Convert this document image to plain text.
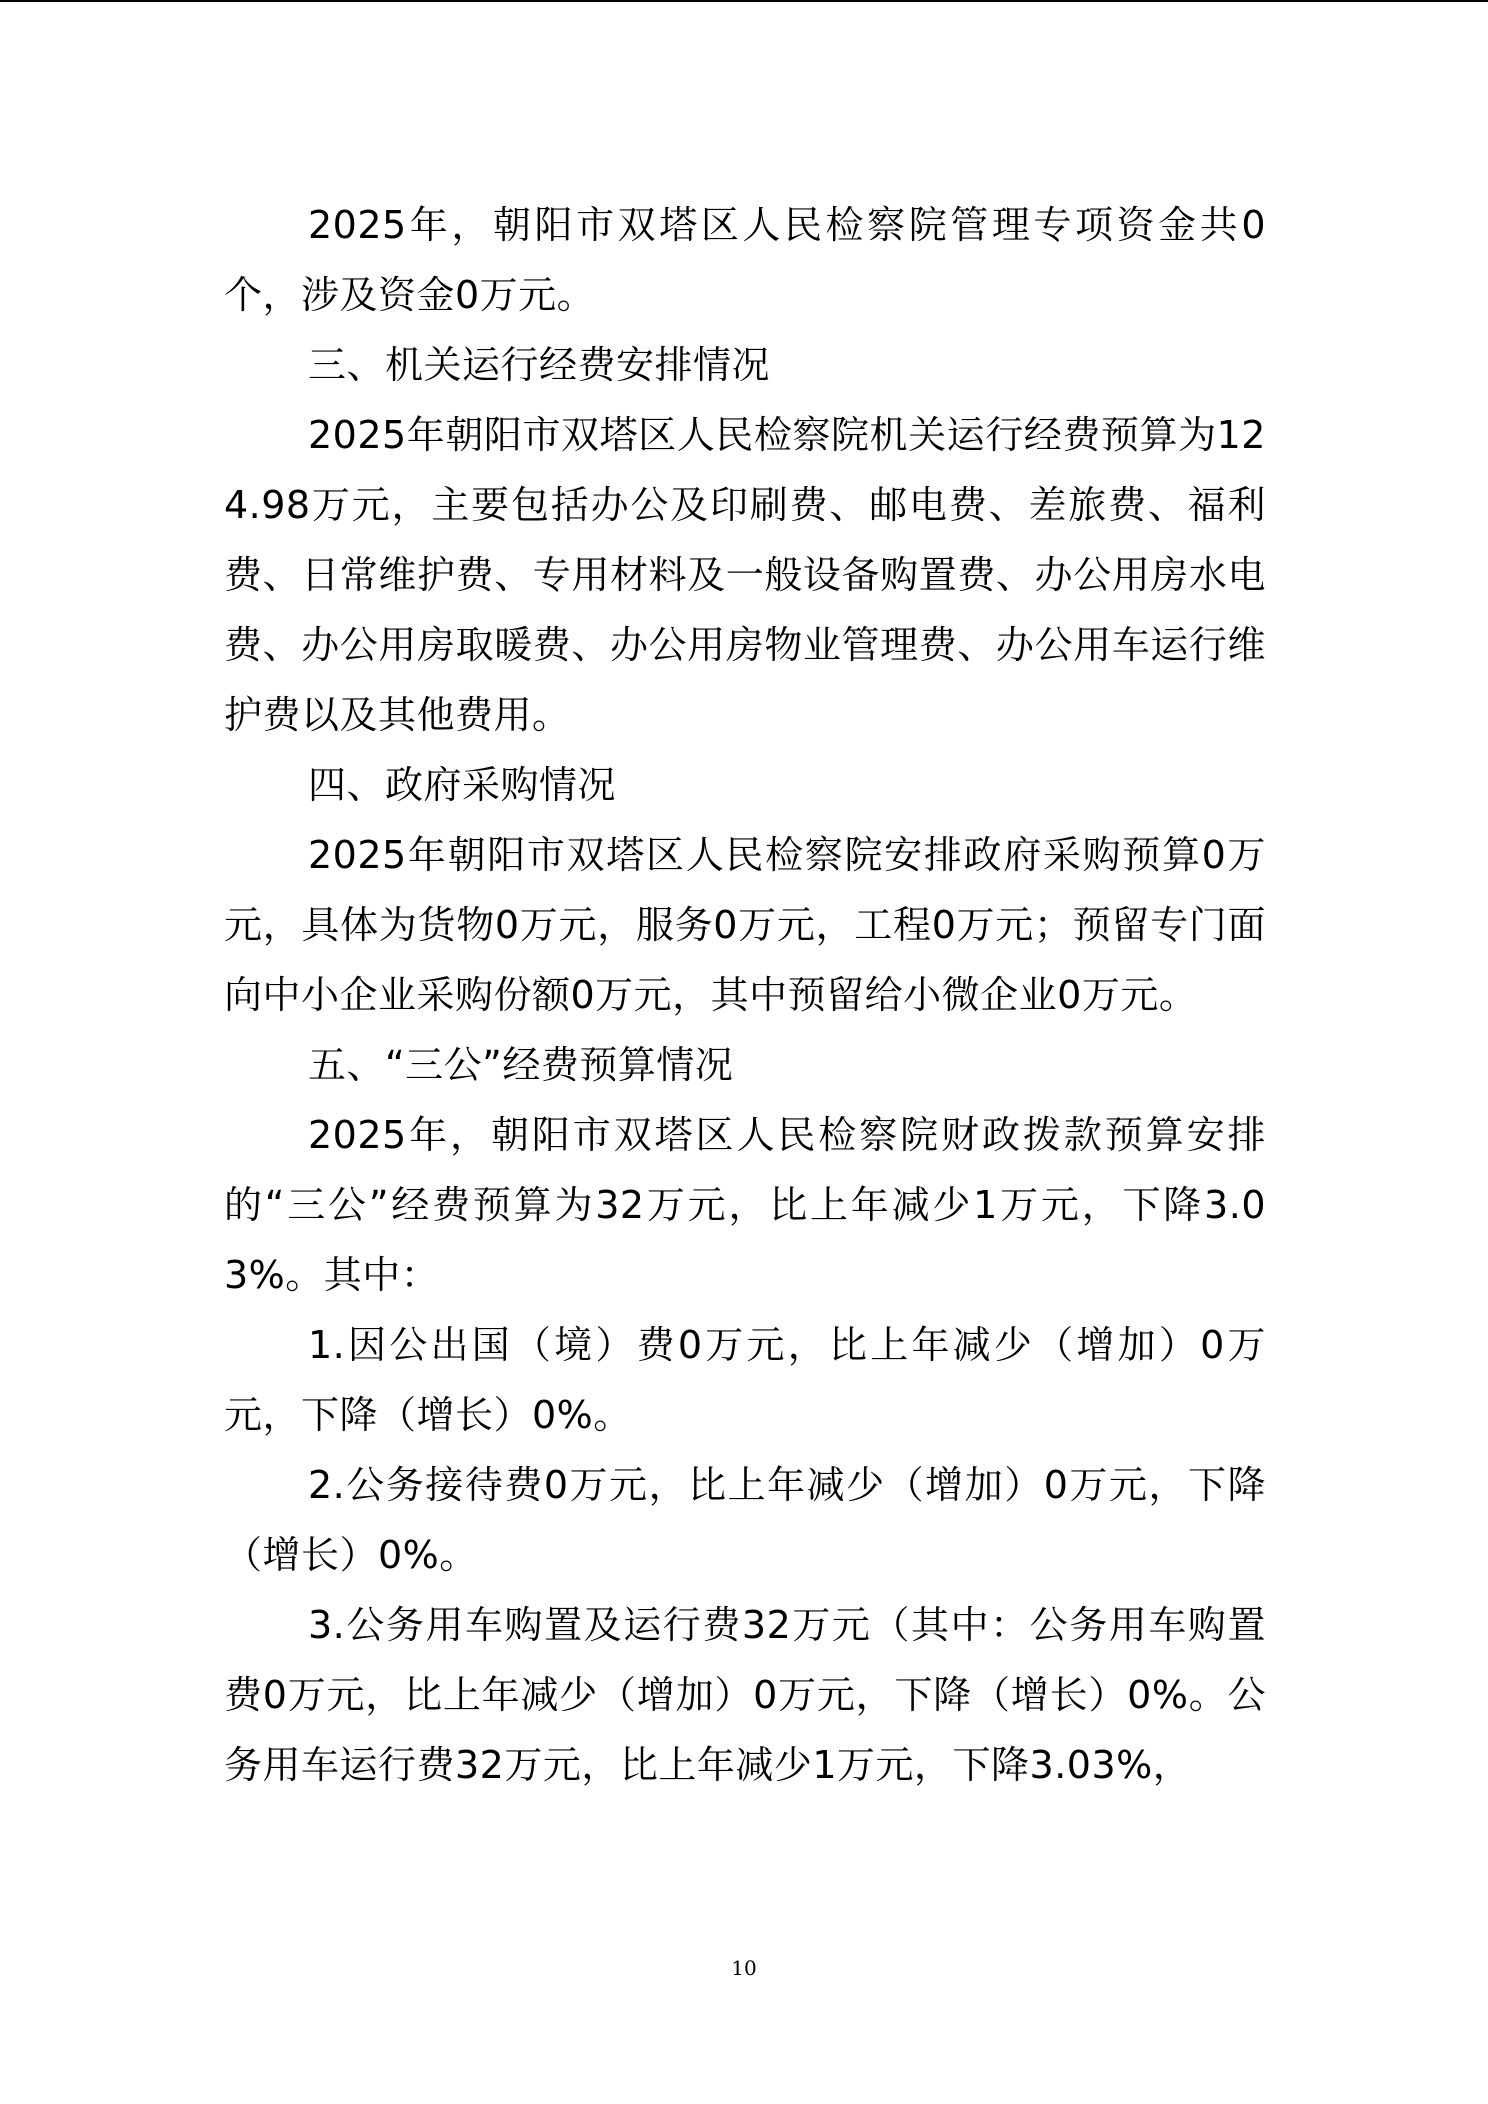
2025年，朝阳市双塔区人民检察院管理专项资金共0个，涉及资金0万元。

三、机关运行经费安排情况

2025年朝阳市双塔区人民检察院机关运行经费预算为124.98万元，主要包括办公及印刷费、邮电费、差旅费、福利费、日常维护费、专用材料及一般设备购置费、办公用房水电费、办公用房取暖费、办公用房物业管理费、办公用车运行维护费以及其他费用。

四、政府采购情况

2025年朝阳市双塔区人民检察院安排政府采购预算0万元，具体为货物0万元，服务0万元，工程0万元；预留专门面向中小企业采购份额0万元，其中预留给小微企业0万元。

五、“三公”经费预算情况

2025年，朝阳市双塔区人民检察院财政拨款预算安排的“三公”经费预算为32万元，比上年减少1万元，下降3.03%。其中：

1.因公出国（境）费0万元，比上年减少（增加）0万元，下降（增长）0%。

2.公务接待费0万元，比上年减少（增加）0万元，下降（增长）0%。

3.公务用车购置及运行费32万元（其中：公务用车购置费0万元，比上年减少（增加）0万元，下降（增长）0%。公务用车运行费32万元，比上年减少1万元，下降3.03%，

10
